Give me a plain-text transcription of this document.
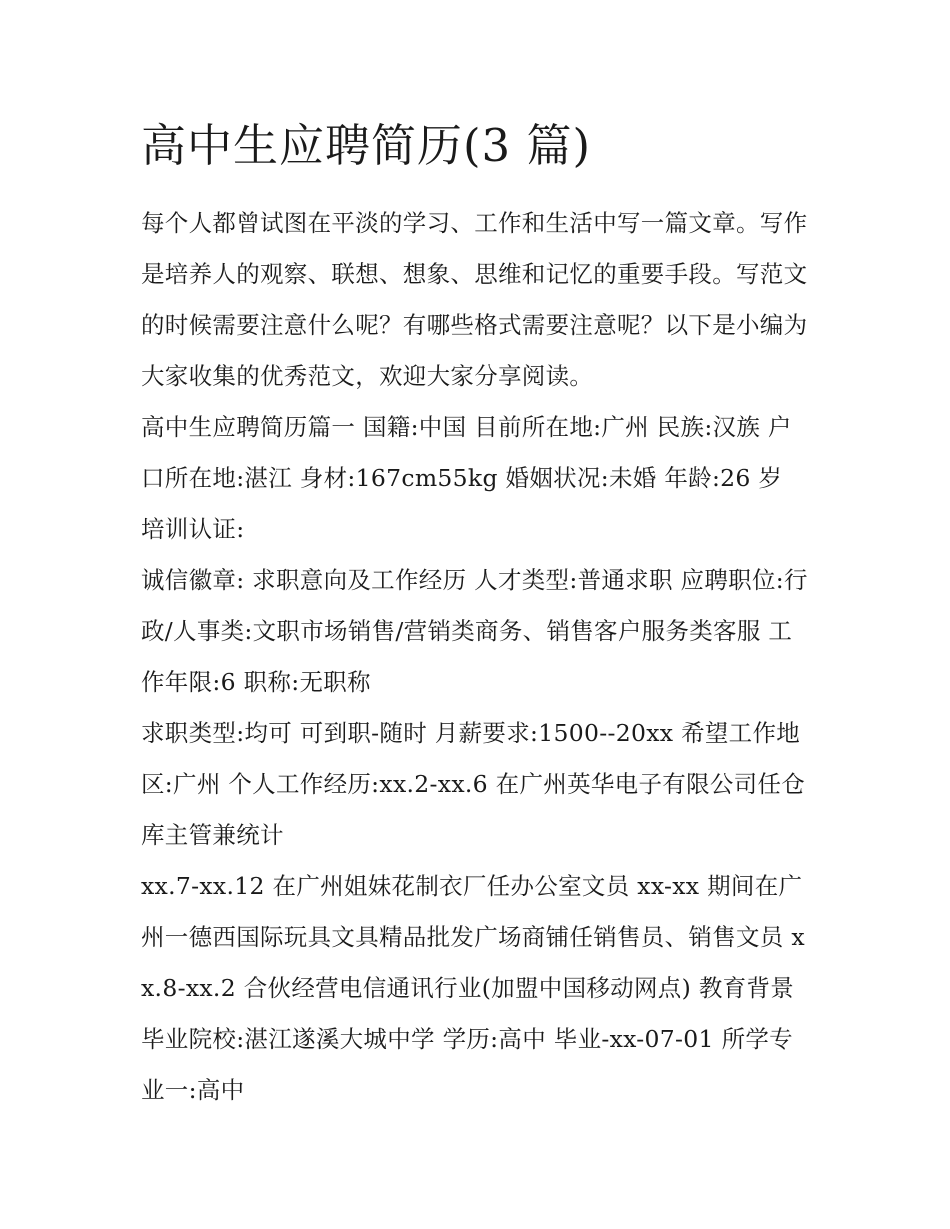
高中生应聘简历(3 篇)

每个人都曾试图在平淡的学习、工作和生活中写一篇文章。写作是培养人的观察、联想、想象、思维和记忆的重要手段。写范文的时候需要注意什么呢？有哪些格式需要注意呢？以下是小编为大家收集的优秀范文，欢迎大家分享阅读。

高中生应聘简历篇一 国籍:中国 目前所在地:广州 民族:汉族 户口所在地:湛江 身材:167cm55kg 婚姻状况:未婚 年龄:26 岁 培训认证:

诚信徽章: 求职意向及工作经历 人才类型:普通求职 应聘职位:行政/人事类:文职市场销售/营销类商务、销售客户服务类客服 工作年限:6 职称:无职称

求职类型:均可 可到职-随时 月薪要求:1500--20xx 希望工作地区:广州 个人工作经历:xx.2-xx.6 在广州英华电子有限公司任仓库主管兼统计

xx.7-xx.12 在广州姐妹花制衣厂任办公室文员 xx-xx 期间在广州一德西国际玩具文具精品批发广场商铺任销售员、销售文员 xx.8-xx.2 合伙经营电信通讯行业(加盟中国移动网点) 教育背景 毕业院校:湛江遂溪大城中学 学历:高中 毕业-xx-07-01 所学专业一:高中
